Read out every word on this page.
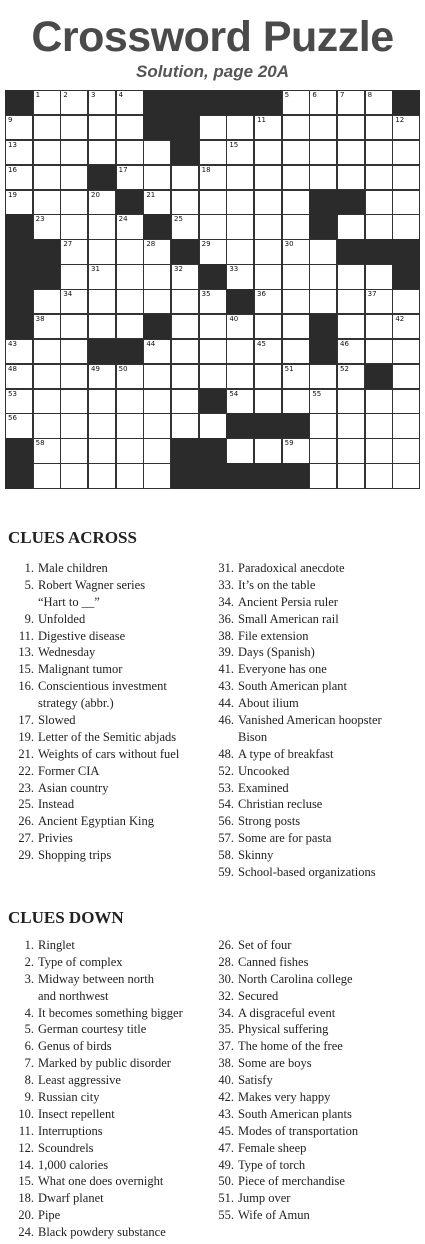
Crossword Puzzle
Solution, page 20A
1	2	3	4	5	6	7	8
9	11	12
13	15
16	17	18
19	20	21
23	24	25
27	28	29	30
31	32	33
34	35	36	37
38	40	42
43	44	45	46
48	49	50	51	52
53	54	55
56
58	59
CLUES ACROSS
1. Male children
5. Robert Wagner series
“Hart to __”
9. Unfolded
11. Digestive disease
13. Wednesday
15. Malignant tumor
16. Conscientious investment
strategy (abbr.)
17. Slowed
19. Letter of the Semitic abjads
21. Weights of cars without fuel
22. Former CIA
23. Asian country
25. Instead
26. Ancient Egyptian King
27. Privies
29. Shopping trips
31. Paradoxical anecdote
33. It’s on the table
34. Ancient Persia ruler
36. Small American rail
38. File extension
39. Days (Spanish)
41. Everyone has one
43. South American plant
44. About ilium
46. Vanished American hoopster
Bison
48. A type of breakfast
52. Uncooked
53. Examined
54. Christian recluse
56. Strong posts
57. Some are for pasta
58. Skinny
59. School-based organizations
CLUES DOWN
1. Ringlet
2. Type of complex
3. Midway between north
and northwest
4. It becomes something bigger
5. German courtesy title
6. Genus of birds
7. Marked by public disorder
8. Least aggressive
9. Russian city
10. Insect repellent
11. Interruptions
12. Scoundrels
14. 1,000 calories
15. What one does overnight
18. Dwarf planet
20. Pipe
24. Black powdery substance
26. Set of four
28. Canned fishes
30. North Carolina college
32. Secured
34. A disgraceful event
35. Physical suffering
37. The home of the free
38. Some are boys
40. Satisfy
42. Makes very happy
43. South American plants
45. Modes of transportation
47. Female sheep
49. Type of torch
50. Piece of merchandise
51. Jump over
55. Wife of Amun
